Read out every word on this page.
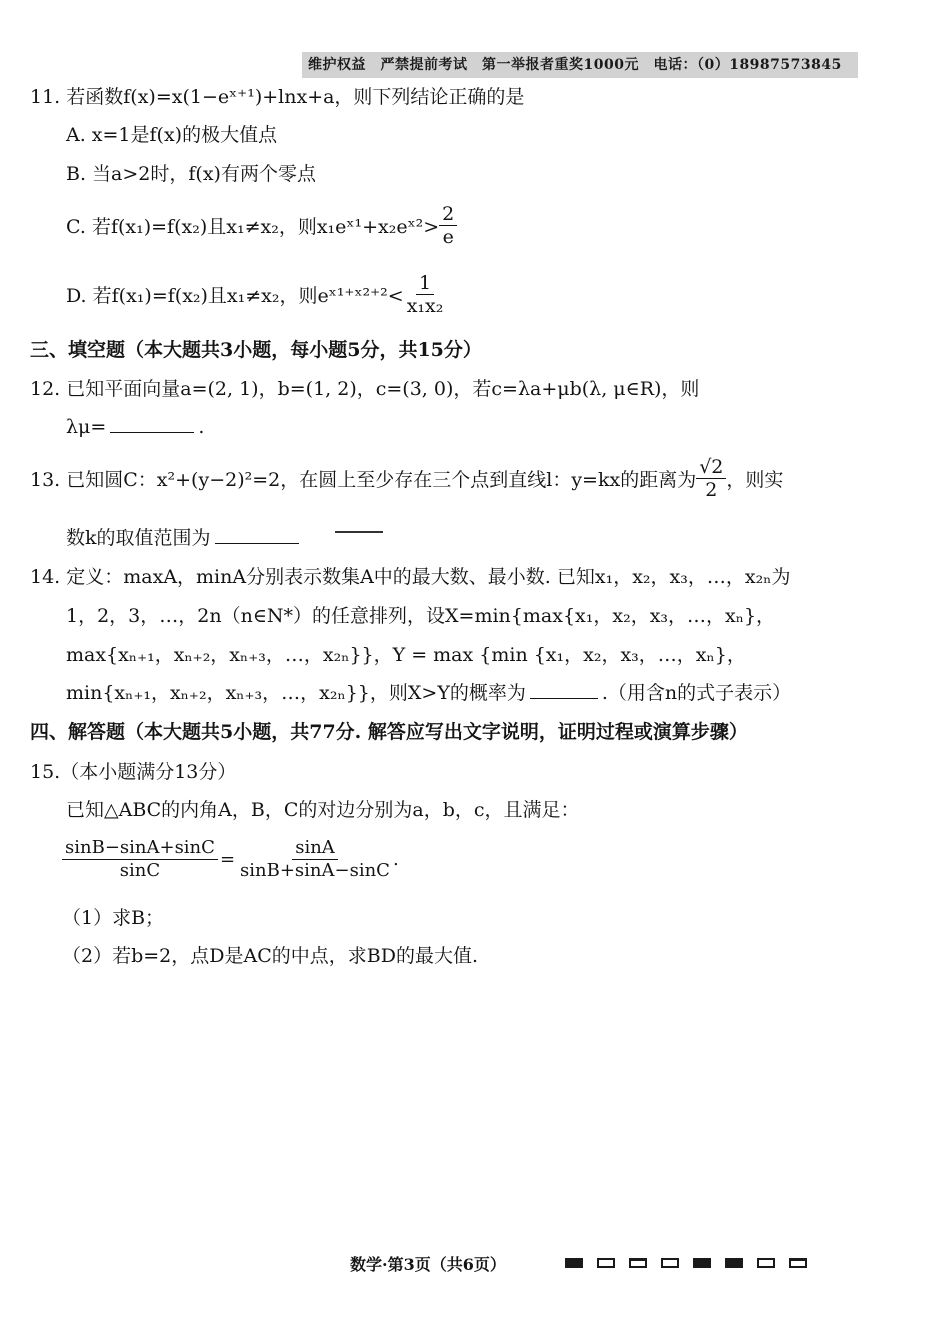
维护权益　严禁提前考试　第一举报者重奖1000元　电话：（0）18987573845
11. 若函数f(x)=x(1−eˣ⁺¹)+lnx+a，则下列结论正确的是
A. x=1是f(x)的极大值点
B. 当a>2时，f(x)有两个零点
C. 若f(x₁)=f(x₂)且x₁≠x₂，则x₁eˣ¹+x₂eˣ²> $\frac{2}{e}$
D. 若f(x₁)=f(x₂)且x₁≠x₂，则eˣ¹⁺ˣ²⁺²< $\frac{1}{\text{x₁x₂}}$
三、填空题（本大题共3小题，每小题5分，共15分）
12. 已知平面向量a=(2, 1)，b=(1, 2)，c=(3, 0)，若c=λa+μb(λ, μ∈R)，则
λμ=	.
13. 已知圆C：x²+(y−2)²=2，在圆上至少存在三个点到直线l：y=kx的距离为 $\frac{√2}{2}$ ，则实
数k的取值范围为
14. 定义：maxA，minA分别表示数集A中的最大数、最小数. 已知x₁，x₂，x₃，…，x₂ₙ为
1，2，3，…，2n（n∈N*）的任意排列，设X=min{max{x₁，x₂，x₃，…，xₙ}，
max{xₙ₊₁，xₙ₊₂，xₙ₊₃，…，x₂ₙ}}，Y = max {min {x₁，x₂，x₃，…，xₙ}，
min{xₙ₊₁，xₙ₊₂，xₙ₊₃，…，x₂ₙ}}，则X>Y的概率为	.（用含n的式子表示）
四、解答题（本大题共5小题，共77分. 解答应写出文字说明，证明过程或演算步骤）
15.（本小题满分13分）
已知△ABC的内角A，B，C的对边分别为a，b，c，且满足：
$\frac{\sin B-\sin A+\sin C}{\sin C} = \frac{\sin A}{\sin B+\sin A-\sin C}$ .
（1）求B；
（2）若b=2，点D是AC的中点，求BD的最大值.
数学·第3页（共6页）
